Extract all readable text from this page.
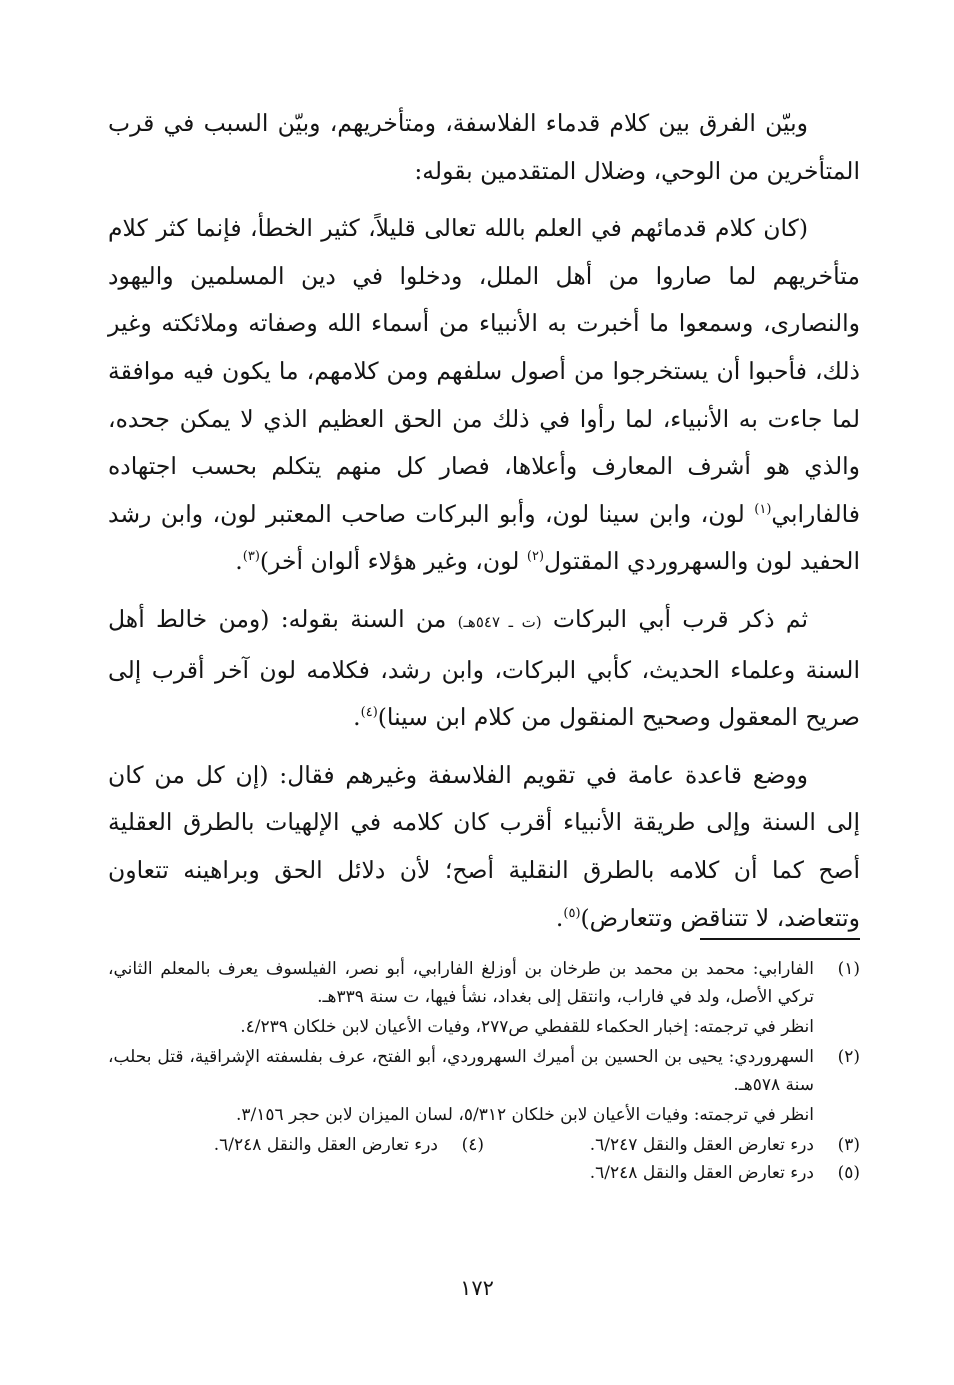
وبيّن الفرق بين كلام قدماء الفلاسفة، ومتأخريهم، وبيّن السبب في قرب المتأخرين من الوحي، وضلال المتقدمين بقوله:

(كان كلام قدمائهم في العلم بالله تعالى قليلاً، كثير الخطأ، فإنما كثر كلام متأخريهم لما صاروا من أهل الملل، ودخلوا في دين المسلمين واليهود والنصارى، وسمعوا ما أخبرت به الأنبياء من أسماء الله وصفاته وملائكته وغير ذلك، فأحبوا أن يستخرجوا من أصول سلفهم ومن كلامهم، ما يكون فيه موافقة لما جاءت به الأنبياء، لما رأوا في ذلك من الحق العظيم الذي لا يمكن جحده، والذي هو أشرف المعارف وأعلاها، فصار كل منهم يتكلم بحسب اجتهاده فالفارابي$^{(١)}$ لون، وابن سينا لون، وأبو البركات صاحب المعتبر لون، وابن رشد الحفيد لون والسهروردي المقتول$^{(٢)}$ لون، وغير هؤلاء ألوان أخر)$^{(٣)}$.

ثم ذكر قرب أبي البركات (ت ـ ٥٤٧هـ) من السنة بقوله: (ومن خالط أهل السنة وعلماء الحديث، كأبي البركات، وابن رشد، فكلامه لون آخر أقرب إلى صريح المعقول وصحيح المنقول من كلام ابن سينا)$^{(٤)}$.

ووضع قاعدة عامة في تقويم الفلاسفة وغيرهم فقال: (إن كل من كان إلى السنة وإلى طريقة الأنبياء أقرب كان كلامه في الإلهيات بالطرق العقلية أصح كما أن كلامه بالطرق النقلية أصح؛ لأن دلائل الحق وبراهينه تتعاون وتتعاضد، لا تتناقض وتتعارض)$^{(٥)}$.

(١)
الفارابي: محمد بن محمد بن طرخان بن أوزلغ الفارابي، أبو نصر، الفيلسوف يعرف بالمعلم الثاني، تركي الأصل، ولد في فاراب، وانتقل إلى بغداد، نشأ فيها، ت سنة ٣٣٩هـ.
انظر في ترجمته: إخبار الحكماء للقفطي ص٢٧٧، وفيات الأعيان لابن خلكان ٤/٢٣٩.
(٢)
السهروردي: يحيى بن الحسين بن أميرك السهروردي، أبو الفتح، عرف بفلسفته الإشراقية، قتل بحلب، سنة ٥٧٨هـ.
انظر في ترجمته: وفيات الأعيان لابن خلكان ٥/٣١٢، لسان الميزان لابن حجر ٣/١٥٦.
(٣)
درء تعارض العقل والنقل ٦/٢٤٧.
(٤)
درء تعارض العقل والنقل ٦/٢٤٨.
(٥)
درء تعارض العقل والنقل ٦/٢٤٨.
١٧٢
